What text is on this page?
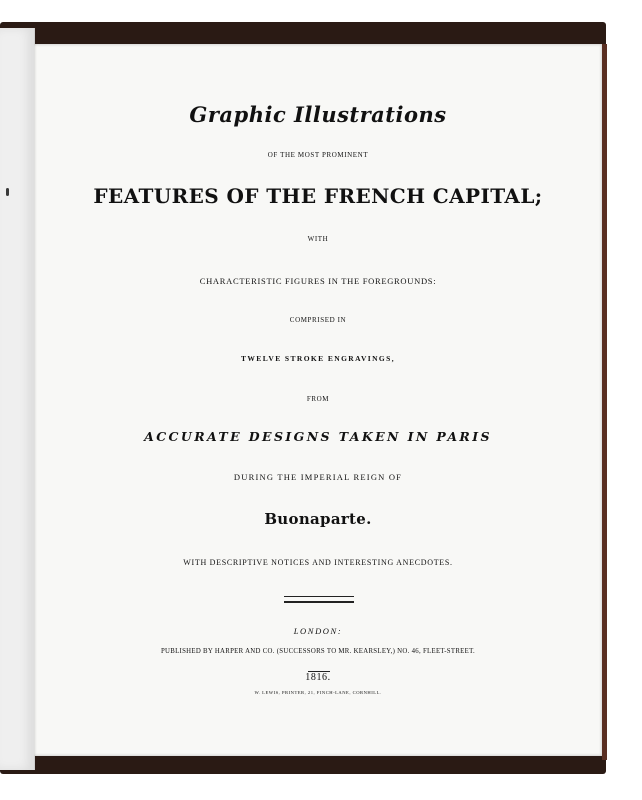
Graphic Illustrations
OF THE MOST PROMINENT
FEATURES OF THE FRENCH CAPITAL;
WITH
CHARACTERISTIC FIGURES IN THE FOREGROUNDS:
COMPRISED IN
TWELVE STROKE ENGRAVINGS,
FROM
ACCURATE DESIGNS TAKEN IN PARIS
DURING THE IMPERIAL REIGN OF
Buonaparte.
WITH DESCRIPTIVE NOTICES AND INTERESTING ANECDOTES.
LONDON:
PUBLISHED BY HARPER AND CO. (SUCCESSORS TO MR. KEARSLEY,) NO. 46, FLEET-STREET.
1816.
W. LEWIS, PRINTER, 21, FINCH-LANE, CORNHILL.
